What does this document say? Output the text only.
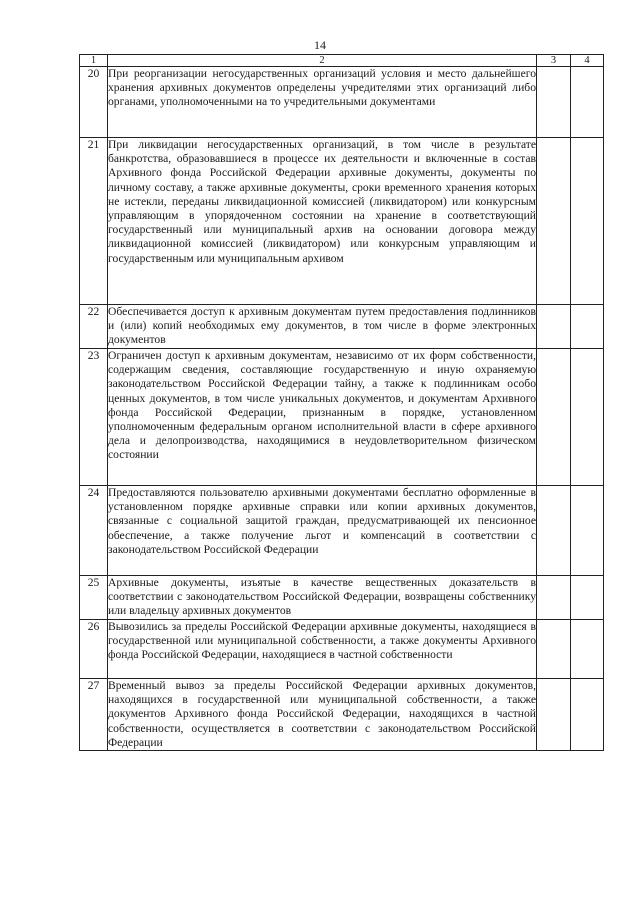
14
1	2	3	4
20	При реорганизации негосударственных организаций условия и место дальнейшего хранения архивных документов определены учредителями этих организаций либо органами, уполномоченными на то учредительными документами		
21	При ликвидации негосударственных организаций, в том числе в результате банкротства, образовавшиеся в процессе их деятельности и включенные в состав Архивного фонда Российской Федерации архивные документы, документы по личному составу, а также архивные документы, сроки временного хранения которых не истекли, переданы ликвидационной комиссией (ликвидатором) или конкурсным управляющим в упорядоченном состоянии на хранение в соответствующий государственный или муниципальный архив на основании договора между ликвидационной комиссией (ликвидатором) или конкурсным управляющим и государственным или муниципальным архивом		
22	Обеспечивается доступ к архивным документам путем предоставления подлинников и (или) копий необходимых ему документов, в том числе в форме электронных документов		
23	Ограничен доступ к архивным документам, независимо от их форм собственности, содержащим сведения, составляющие государственную и иную охраняемую законодательством Российской Федерации тайну, а также к подлинникам особо ценных документов, в том числе уникальных документов, и документам Архивного фонда Российской Федерации, признанным в порядке, установленном уполномоченным федеральным органом исполнительной власти в сфере архивного дела и делопроизводства, находящимися в неудовлетворительном физическом состоянии		
24	Предоставляются пользователю архивными документами бесплатно оформленные в установленном порядке архивные справки или копии архивных документов, связанные с социальной защитой граждан, предусматривающей их пенсионное обеспечение, а также получение льгот и компенсаций в соответствии с законодательством Российской Федерации		
25	Архивные документы, изъятые в качестве вещественных доказательств в соответствии с законодательством Российской Федерации, возвращены собственнику или владельцу архивных документов		
26	Вывозились за пределы Российской Федерации архивные документы, находящиеся в государственной или муниципальной собственности, а также документы Архивного фонда Российской Федерации, находящиеся в частной собственности		
27	Временный вывоз за пределы Российской Федерации архивных документов, находящихся в государственной или муниципальной собственности, а также документов Архивного фонда Российской Федерации, находящихся в частной собственности, осуществляется в соответствии с законодательством Российской Федерации		
